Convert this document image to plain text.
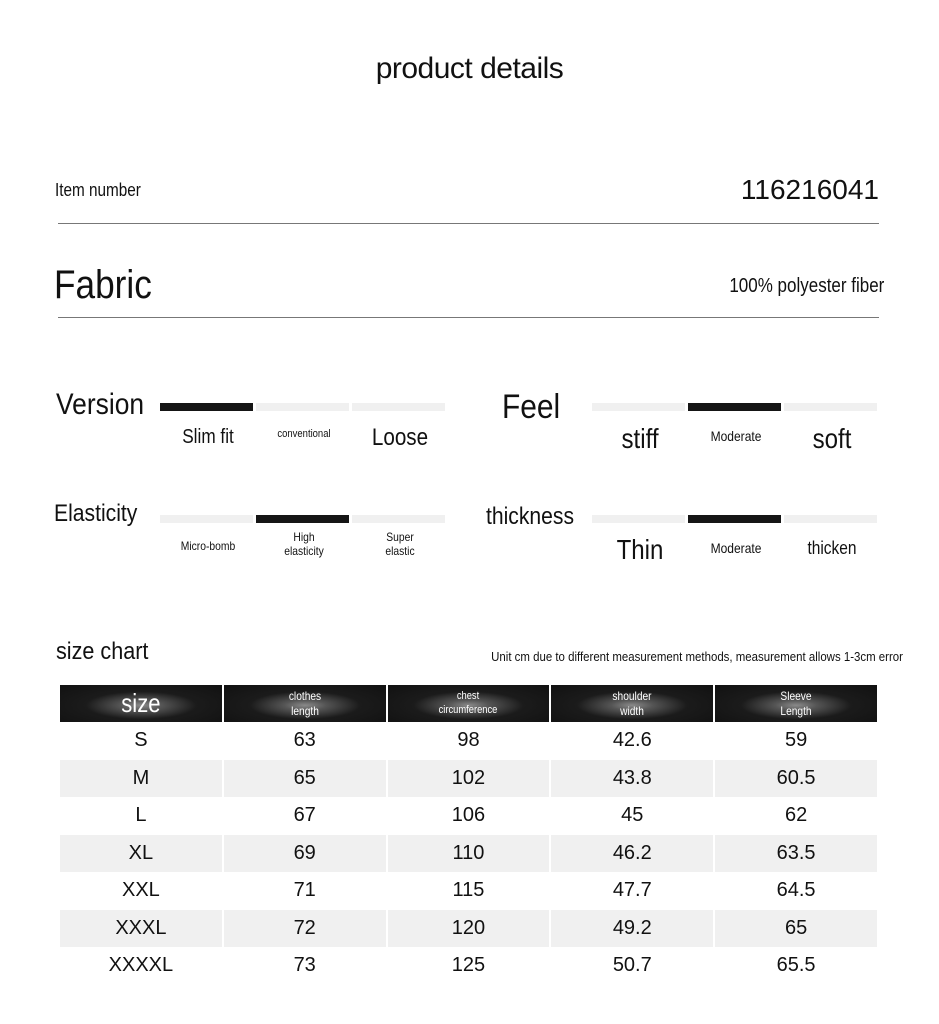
product details
Item number	116216041
Fabric	100% polyester fiber
Version
Slim fit	conventional	Loose
Feel
stiff	Moderate	soft
Elasticity
Micro-bomb
High elasticity
Super elastic
thickness
Thin	Moderate	thicken
size chart	Unit cm due to different measurement methods, measurement allows 1-3cm error
size	clothes length	chest circumference	shoulder width	Sleeve Length

S	63	98	42.6	59
M	65	102	43.8	60.5
L	67	106	45	62
XL	69	110	46.2	63.5
XXL	71	115	47.7	64.5
XXXL	72	120	49.2	65
XXXXL	73	125	50.7	65.5
